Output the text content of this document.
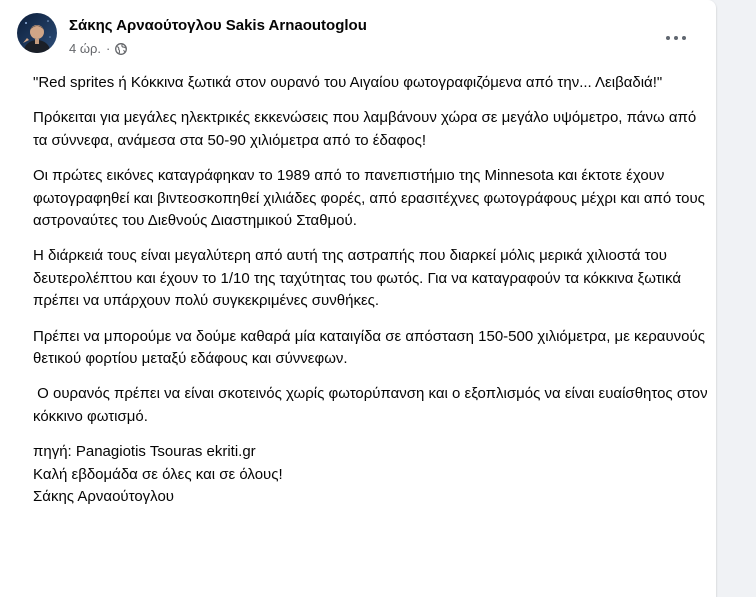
Σάκης Αρναούτογλου Sakis Arnaoutoglou
4 ώρ. ·

"Red sprites ή Κόκκινα ξωτικά στον ουρανό του Αιγαίου φωτογραφιζόμενα από την... Λειβαδιά!"

Πρόκειται για μεγάλες ηλεκτρικές εκκενώσεις που λαμβάνουν χώρα σε μεγάλο υψόμετρο, πάνω από τα σύννεφα, ανάμεσα στα 50-90 χιλιόμετρα από το έδαφος!

Οι πρώτες εικόνες καταγράφηκαν το 1989 από το πανεπιστήμιο της Minnesota και έκτοτε έχουν φωτογραφηθεί και βιντεοσκοπηθεί χιλιάδες φορές, από ερασιτέχνες φωτογράφους μέχρι και από τους αστροναύτες του Διεθνούς Διαστημικού Σταθμού.

Η διάρκειά τους είναι μεγαλύτερη από αυτή της αστραπής που διαρκεί μόλις μερικά χιλιοστά του δευτερολέπτου και έχουν το 1/10 της ταχύτητας του φωτός. Για να καταγραφούν τα κόκκινα ξωτικά πρέπει να υπάρχουν πολύ συγκεκριμένες συνθήκες.

Πρέπει να μπορούμε να δούμε καθαρά μία καταιγίδα σε απόσταση 150-500 χιλιόμετρα, με κεραυνούς θετικού φορτίου μεταξύ εδάφους και σύννεφων.

Ο ουρανός πρέπει να είναι σκοτεινός χωρίς φωτορύπανση και ο εξοπλισμός να είναι ευαίσθητος στον κόκκινο φωτισμό.

πηγή: Panagiotis Tsouras ekriti.gr

Καλή εβδομάδα σε όλες και σε όλους!

Σάκης Αρναούτογλου
